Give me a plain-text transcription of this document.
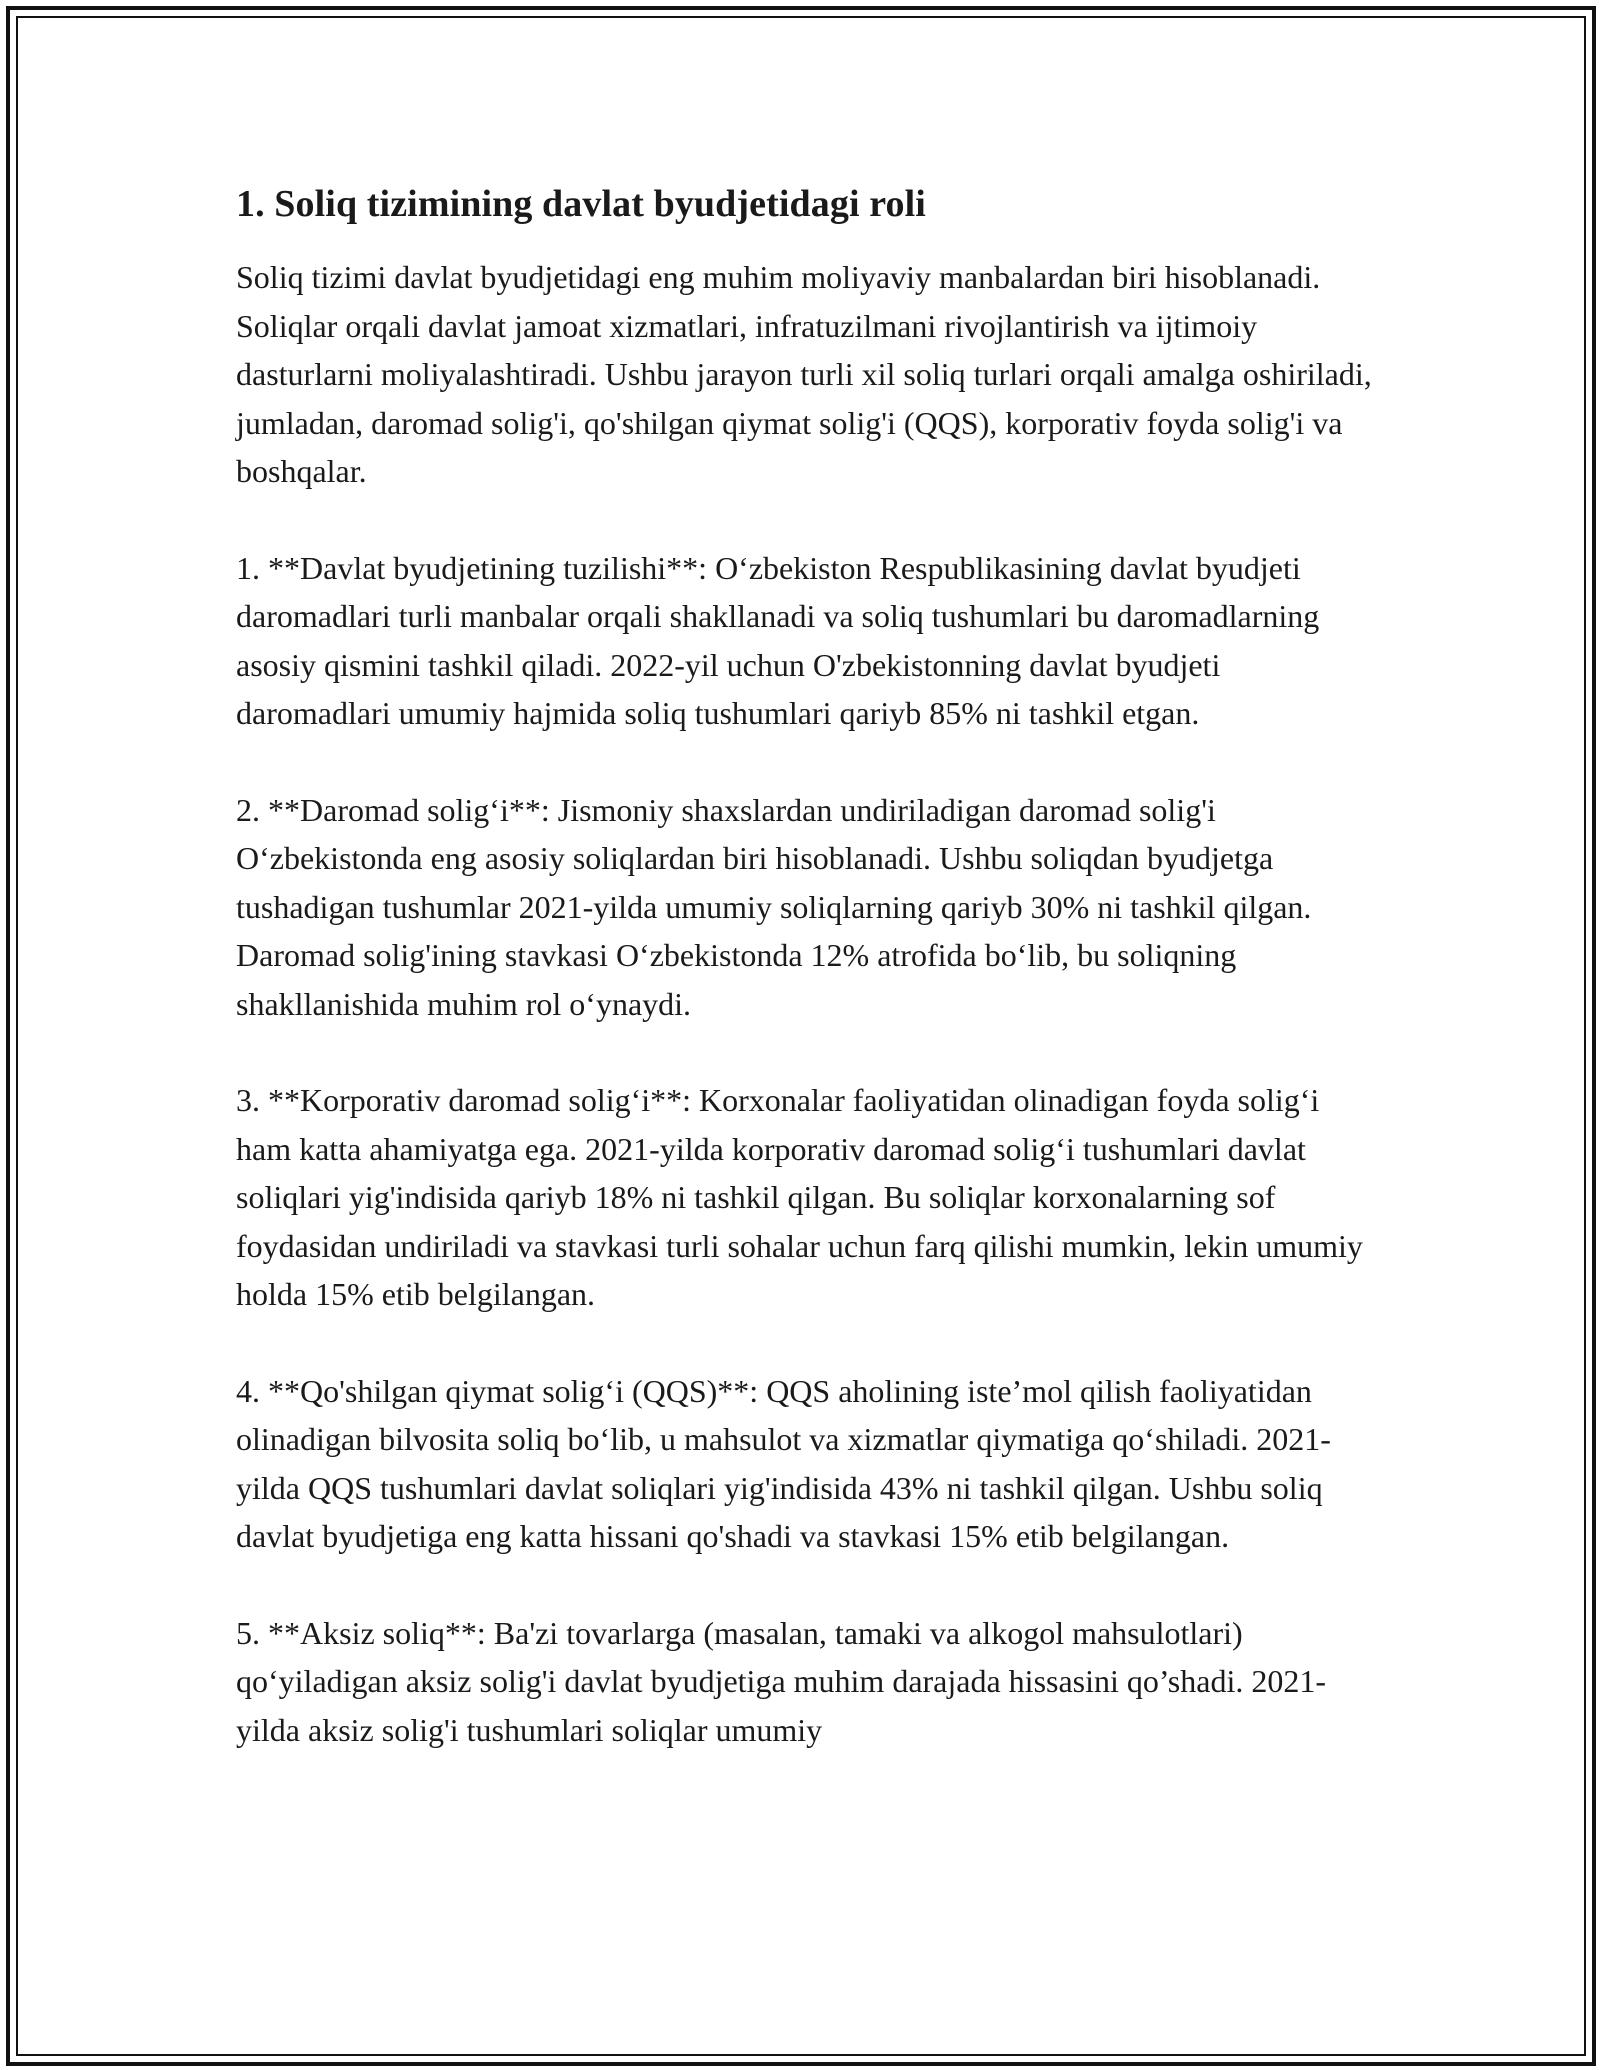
1. Soliq tizimining davlat byudjetidagi roli

Soliq tizimi davlat byudjetidagi eng muhim moliyaviy manbalardan biri hisoblanadi. Soliqlar orqali davlat jamoat xizmatlari, infratuzilmani rivojlantirish va ijtimoiy dasturlarni moliyalashtiradi. Ushbu jarayon turli xil soliq turlari orqali amalga oshiriladi, jumladan, daromad solig'i, qo'shilgan qiymat solig'i (QQS), korporativ foyda solig'i va boshqalar.

1. **Davlat byudjetining tuzilishi**: O‘zbekiston Respublikasining davlat byudjeti daromadlari turli manbalar orqali shakllanadi va soliq tushumlari bu daromadlarning asosiy qismini tashkil qiladi. 2022-yil uchun O'zbekistonning davlat byudjeti daromadlari umumiy hajmida soliq tushumlari qariyb 85% ni tashkil etgan.

2. **Daromad solig‘i**: Jismoniy shaxslardan undiriladigan daromad solig'i O‘zbekistonda eng asosiy soliqlardan biri hisoblanadi. Ushbu soliqdan byudjetga tushadigan tushumlar 2021-yilda umumiy soliqlarning qariyb 30% ni tashkil qilgan. Daromad solig'ining stavkasi O‘zbekistonda 12% atrofida bo‘lib, bu soliqning shakllanishida muhim rol o‘ynaydi.

3. **Korporativ daromad solig‘i**: Korxonalar faoliyatidan olinadigan foyda solig‘i ham katta ahamiyatga ega. 2021-yilda korporativ daromad solig‘i tushumlari davlat soliqlari yig'indisida qariyb 18% ni tashkil qilgan. Bu soliqlar korxonalarning sof foydasidan undiriladi va stavkasi turli sohalar uchun farq qilishi mumkin, lekin umumiy holda 15% etib belgilangan.

4. **Qo'shilgan qiymat solig‘i (QQS)**: QQS aholining iste’mol qilish faoliyatidan olinadigan bilvosita soliq bo‘lib, u mahsulot va xizmatlar qiymatiga qo‘shiladi. 2021-yilda QQS tushumlari davlat soliqlari yig'indisida 43% ni tashkil qilgan. Ushbu soliq davlat byudjetiga eng katta hissani qo'shadi va stavkasi 15% etib belgilangan.

5. **Aksiz soliq**: Ba'zi tovarlarga (masalan, tamaki va alkogol mahsulotlari) qo‘yiladigan aksiz solig'i davlat byudjetiga muhim darajada hissasini qo’shadi. 2021-yilda aksiz solig'i tushumlari soliqlar umumiy
